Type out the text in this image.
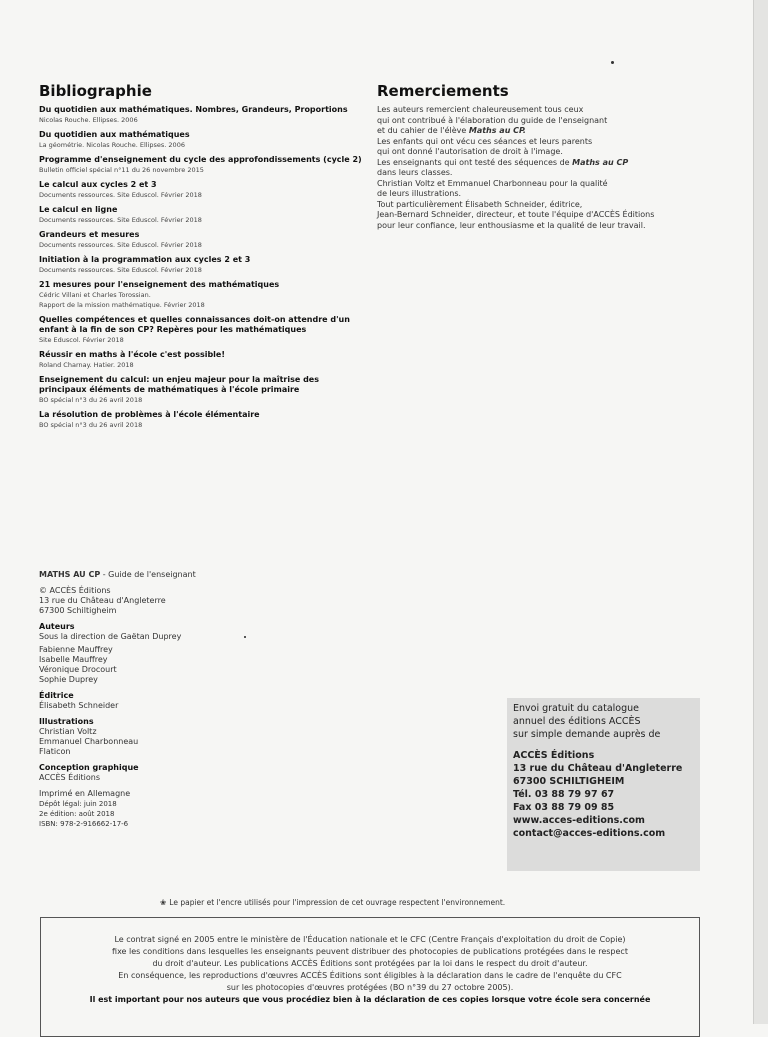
Bibliographie
Du quotidien aux mathématiques. Nombres, Grandeurs, Proportions
Nicolas Rouche. Ellipses. 2006
Du quotidien aux mathématiques
La géométrie. Nicolas Rouche. Ellipses. 2006
Programme d'enseignement du cycle des approfondissements (cycle 2)
Bulletin officiel spécial n°11 du 26 novembre 2015
Le calcul aux cycles 2 et 3
Documents ressources. Site Eduscol. Février 2018
Le calcul en ligne
Documents ressources. Site Eduscol. Février 2018
Grandeurs et mesures
Documents ressources. Site Eduscol. Février 2018
Initiation à la programmation aux cycles 2 et 3
Documents ressources. Site Eduscol. Février 2018
21 mesures pour l'enseignement des mathématiques
Cédric Villani et Charles Torossian.
Rapport de la mission mathématique. Février 2018
Quelles compétences et quelles connaissances doit-on attendre d'un enfant à la fin de son CP? Repères pour les mathématiques
Site Eduscol. Février 2018
Réussir en maths à l'école c'est possible!
Roland Charnay. Hatier. 2018
Enseignement du calcul: un enjeu majeur pour la maîtrise des principaux éléments de mathématiques à l'école primaire
BO spécial n°3 du 26 avril 2018
La résolution de problèmes à l'école élémentaire
BO spécial n°3 du 26 avril 2018
Remerciements
Les auteurs remercient chaleureusement tous ceux
qui ont contribué à l'élaboration du guide de l'enseignant
et du cahier de l'élève Maths au CP.
Les enfants qui ont vécu ces séances et leurs parents
qui ont donné l'autorisation de droit à l'image.
Les enseignants qui ont testé des séquences de Maths au CP
dans leurs classes.
Christian Voltz et Emmanuel Charbonneau pour la qualité
de leurs illustrations.
Tout particulièrement Élisabeth Schneider, éditrice,
Jean-Bernard Schneider, directeur, et toute l'équipe d'ACCÈS Éditions
pour leur confiance, leur enthousiasme et la qualité de leur travail.
MATHS AU CP - Guide de l'enseignant
© ACCÈS Éditions
13 rue du Château d'Angleterre
67300 Schiltigheim
Auteurs
Sous la direction de Gaëtan Duprey
Fabienne Mauffrey
Isabelle Mauffrey
Véronique Drocourt
Sophie Duprey
Éditrice
Élisabeth Schneider
Illustrations
Christian Voltz
Emmanuel Charbonneau
Flaticon
Conception graphique
ACCÈS Éditions
Imprimé en Allemagne
Dépôt légal: juin 2018
2e édition: août 2018
ISBN: 978-2-916662-17-6
Envoi gratuit du catalogue
annuel des éditions ACCÈS
sur simple demande auprès de
ACCÈS Éditions
13 rue du Château d'Angleterre
67300 SCHILTIGHEIM
Tél. 03 88 79 97 67
Fax 03 88 79 09 85
www.acces-editions.com
contact@acces-editions.com
❀ Le papier et l'encre utilisés pour l'impression de cet ouvrage respectent l'environnement.
Le contrat signé en 2005 entre le ministère de l'Éducation nationale et le CFC (Centre Français d'exploitation du droit de Copie)
fixe les conditions dans lesquelles les enseignants peuvent distribuer des photocopies de publications protégées dans le respect
du droit d'auteur. Les publications ACCÈS Éditions sont protégées par la loi dans le respect du droit d'auteur.
En conséquence, les reproductions d'œuvres ACCÈS Éditions sont éligibles à la déclaration dans le cadre de l'enquête du CFC
sur les photocopies d'œuvres protégées (BO n°39 du 27 octobre 2005).
Il est important pour nos auteurs que vous procédiez bien à la déclaration de ces copies lorsque votre école sera concernée
